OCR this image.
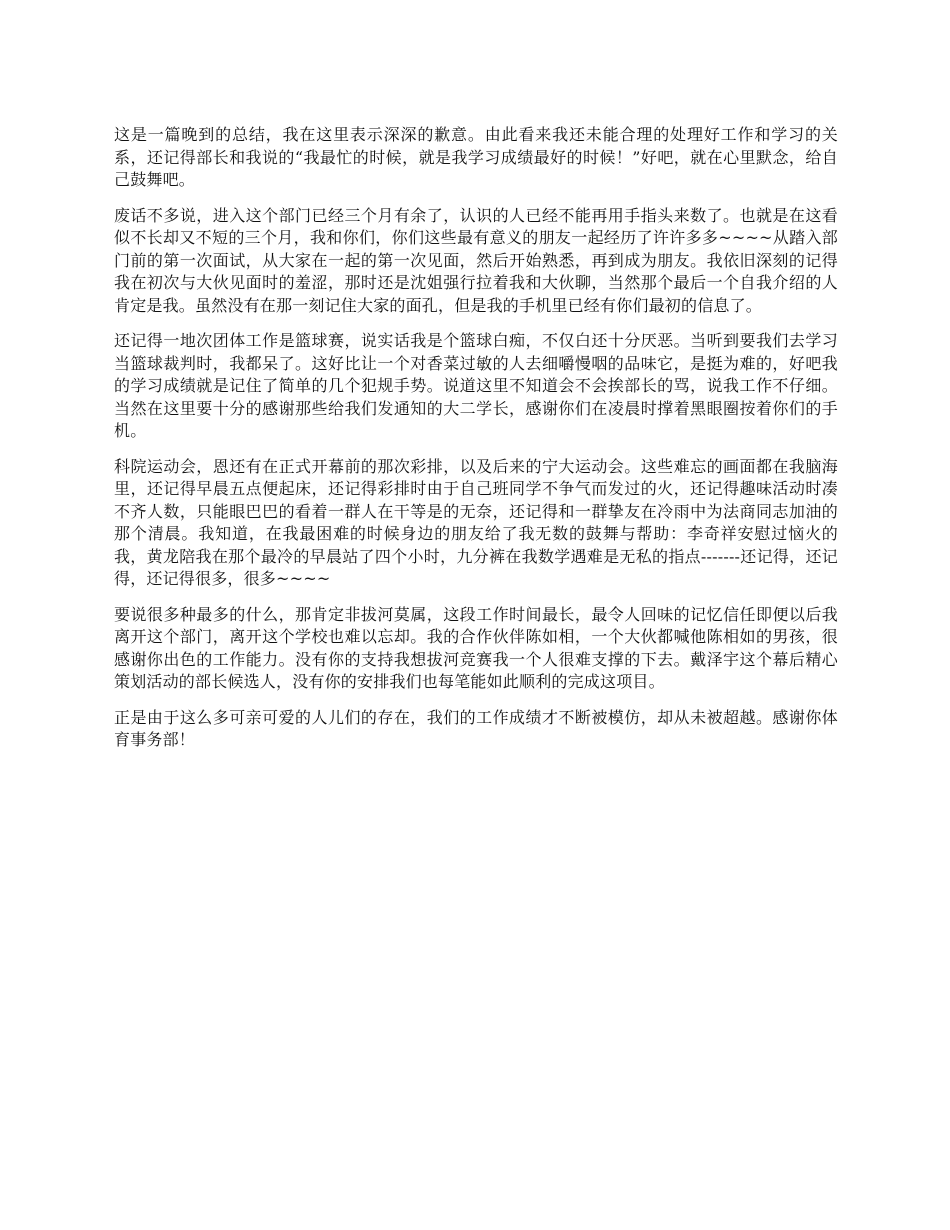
这是一篇晚到的总结，我在这里表示深深的歉意。由此看来我还未能合理的处理好工作和学习的关系，还记得部长和我说的“我最忙的时候，就是我学习成绩最好的时候！”好吧，就在心里默念，给自己鼓舞吧。

废话不多说，进入这个部门已经三个月有余了，认识的人已经不能再用手指头来数了。也就是在这看似不长却又不短的三个月，我和你们，你们这些最有意义的朋友一起经历了许许多多~~~~从踏入部门前的第一次面试，从大家在一起的第一次见面，然后开始熟悉，再到成为朋友。我依旧深刻的记得我在初次与大伙见面时的羞涩，那时还是沈姐强行拉着我和大伙聊，当然那个最后一个自我介绍的人肯定是我。虽然没有在那一刻记住大家的面孔，但是我的手机里已经有你们最初的信息了。

还记得一地次团体工作是篮球赛，说实话我是个篮球白痴，不仅白还十分厌恶。当听到要我们去学习当篮球裁判时，我都呆了。这好比让一个对香菜过敏的人去细嚼慢咽的品味它，是挺为难的，好吧我的学习成绩就是记住了简单的几个犯规手势。说道这里不知道会不会挨部长的骂，说我工作不仔细。当然在这里要十分的感谢那些给我们发通知的大二学长，感谢你们在凌晨时撑着黑眼圈按着你们的手机。

科院运动会，恩还有在正式开幕前的那次彩排，以及后来的宁大运动会。这些难忘的画面都在我脑海里，还记得早晨五点便起床，还记得彩排时由于自己班同学不争气而发过的火，还记得趣味活动时凑不齐人数，只能眼巴巴的看着一群人在干等是的无奈，还记得和一群挚友在冷雨中为法商同志加油的那个清晨。我知道，在我最困难的时候身边的朋友给了我无数的鼓舞与帮助：李奇祥安慰过恼火的我，黄龙陪我在那个最冷的早晨站了四个小时，九分裤在我数学遇难是无私的指点-------还记得，还记得，还记得很多，很多~~~~

要说很多种最多的什么，那肯定非拔河莫属，这段工作时间最长，最令人回味的记忆信任即便以后我离开这个部门，离开这个学校也难以忘却。我的合作伙伴陈如相，一个大伙都喊他陈相如的男孩，很感谢你出色的工作能力。没有你的支持我想拔河竞赛我一个人很难支撑的下去。戴泽宇这个幕后精心策划活动的部长候选人，没有你的安排我们也每笔能如此顺利的完成这项目。

正是由于这么多可亲可爱的人儿们的存在，我们的工作成绩才不断被模仿，却从未被超越。感谢你体育事务部！
